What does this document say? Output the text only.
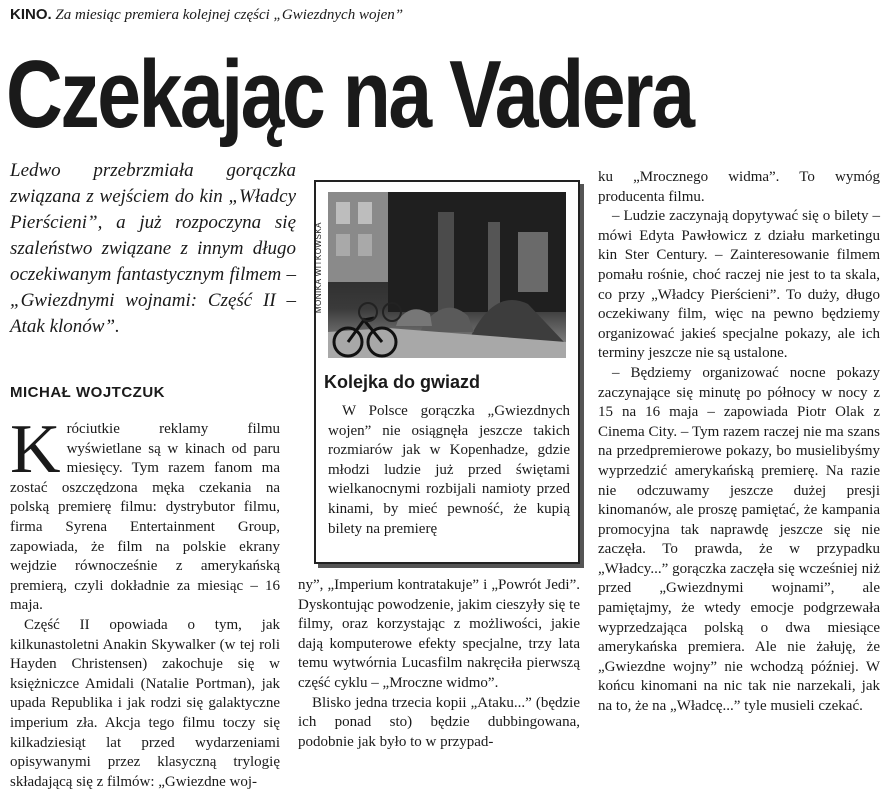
KINO. Za miesiąc premiera kolejnej części „Gwiezdnych wojen”
Czekając na Vadera

Ledwo przebrzmiała gorączka związana z wejściem do kin „Władcy Pierścieni”, a już rozpoczyna się szaleństwo związane z innym długo oczekiwanym fantastycznym filmem – „Gwiezdnymi wojnami: Część II – Atak klonów”.

MICHAŁ WOJTCZUK

Króciutkie reklamy filmu wyświetlane są w kinach od paru miesięcy. Tym razem fanom ma zostać oszczędzona męka czekania na polską premierę filmu: dystrybutor filmu, firma Syrena Entertainment Group, zapowiada, że film na polskie ekrany wejdzie równocześnie z amerykańską premierą, czyli dokładnie za miesiąc – 16 maja.

Część II opowiada o tym, jak kilkunastoletni Anakin Skywalker (w tej roli Hayden Christensen) zakochuje się w księżniczce Amidali (Natalie Portman), jak upada Republika i jak rodzi się galaktyczne imperium zła. Akcja tego filmu toczy się kilkadziesiąt lat przed wydarzeniami opisywanymi przez klasyczną trylogię składającą się z filmów: „Gwiezdne woj-

MONIKA WITKOWSKA
Kolejka do gwiazd

W Polsce gorączka „Gwiezdnych wojen” nie osiągnęła jeszcze takich rozmiarów jak w Kopenhadze, gdzie młodzi ludzie już przed świętami wielkanocnymi rozbijali namioty przed kinami, by mieć pewność, że kupią bilety na premierę

ny”, „Imperium kontratakuje” i „Powrót Jedi”. Dyskontując powodzenie, jakim cieszyły się te filmy, oraz korzystając z możliwości, jakie dają komputerowe efekty specjalne, trzy lata temu wytwórnia Lucasfilm nakręciła pierwszą część cyklu – „Mroczne widmo”.

Blisko jedna trzecia kopii „Ataku...” (będzie ich ponad sto) będzie dubbingowana, podobnie jak było to w przypad-

ku „Mrocznego widma”. To wymóg producenta filmu.

– Ludzie zaczynają dopytywać się o bilety – mówi Edyta Pawłowicz z działu marketingu kin Ster Century. – Zainteresowanie filmem pomału rośnie, choć raczej nie jest to ta skala, co przy „Władcy Pierścieni”. To duży, długo oczekiwany film, więc na pewno będziemy organizować jakieś specjalne pokazy, ale ich terminy jeszcze nie są ustalone.

– Będziemy organizować nocne pokazy zaczynające się minutę po północy w nocy z 15 na 16 maja – zapowiada Piotr Olak z Cinema City. – Tym razem raczej nie ma szans na przedpremierowe pokazy, bo musielibyśmy wyprzedzić amerykańską premierę. Na razie nie odczuwamy jeszcze dużej presji kinomanów, ale proszę pamiętać, że kampania promocyjna tak naprawdę jeszcze się nie zaczęła. To prawda, że w przypadku „Władcy...” gorączka zaczęła się wcześniej niż przed „Gwiezdnymi wojnami”, ale pamiętajmy, że wtedy emocje podgrzewała wyprzedzająca polską o dwa miesiące amerykańska premiera. Ale nie żałuję, że „Gwiezdne wojny” nie wchodzą później. W końcu kinomani na nic tak nie narzekali, jak na to, że na „Władcę...” tyle musieli czekać.
